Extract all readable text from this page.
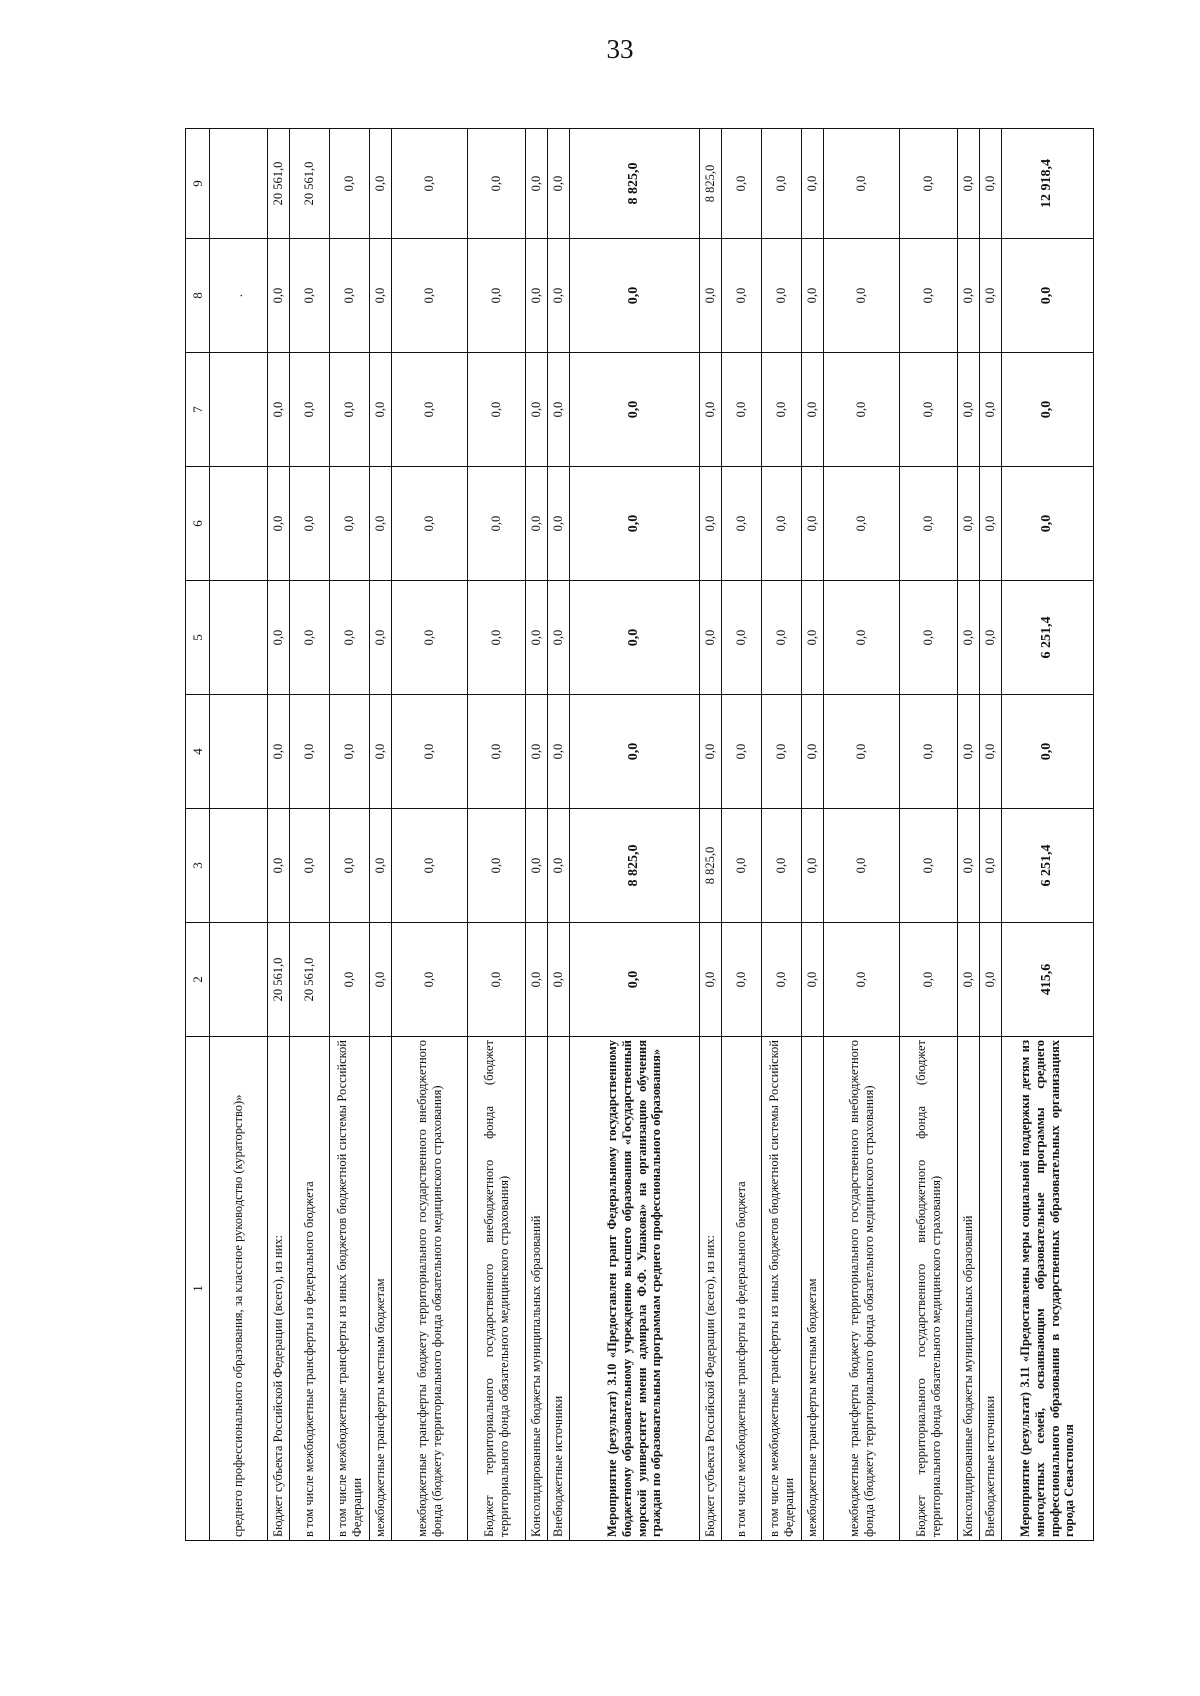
33
1	2	3	4	5	6	7	8	9	
среднего профессионального образования, за классное руководство (кураторство)»							.		
Бюджет субъекта Российской Федерации (всего), из них:	20 561,0	0,0	0,0	0,0	0,0	0,0	0,0	20 561,0	
в том числе межбюджетные трансферты из федерального бюджета	20 561,0	0,0	0,0	0,0	0,0	0,0	0,0	20 561,0	
в том числе межбюджетные трансферты из иных бюджетов бюджетной системы Российской Федерации	0,0	0,0	0,0	0,0	0,0	0,0	0,0	0,0	
межбюджетные трансферты местным бюджетам	0,0	0,0	0,0	0,0	0,0	0,0	0,0	0,0	
межбюджетные трансферты бюджету территориального государственного внебюджетного фонда (бюджету территориального фонда обязательного медицинского страхования)	0,0	0,0	0,0	0,0	0,0	0,0	0,0	0,0	
Бюджет территориального государственного внебюджетного фонда (бюджет территориального фонда обязательного медицинского страхования)	0,0	0,0	0,0	0,0	0,0	0,0	0,0	0,0	
Консолидированные бюджеты муниципальных образований	0,0	0,0	0,0	0,0	0,0	0,0	0,0	0,0	
Внебюджетные источники	0,0	0,0	0,0	0,0	0,0	0,0	0,0	0,0	
Мероприятие (результат) 3.10 «Предоставлен грант Федеральному государственному бюджетному образовательному учреждению высшего образования «Государственный морской университет имени адмирала Ф.Ф. Ушакова» на организацию обучения граждан по образовательным программам среднего профессионального образования»	0,0	8 825,0	0,0	0,0	0,0	0,0	0,0	8 825,0	
Бюджет субъекта Российской Федерации (всего), из них:	0,0	8 825,0	0,0	0,0	0,0	0,0	0,0	8 825,0	
в том числе межбюджетные трансферты из федерального бюджета	0,0	0,0	0,0	0,0	0,0	0,0	0,0	0,0	
в том числе межбюджетные трансферты из иных бюджетов бюджетной системы Российской Федерации	0,0	0,0	0,0	0,0	0,0	0,0	0,0	0,0	
межбюджетные трансферты местным бюджетам	0,0	0,0	0,0	0,0	0,0	0,0	0,0	0,0	
межбюджетные трансферты бюджету территориального государственного внебюджетного фонда (бюджету территориального фонда обязательного медицинского страхования)	0,0	0,0	0,0	0,0	0,0	0,0	0,0	0,0	
Бюджет территориального государственного внебюджетного фонда (бюджет территориального фонда обязательного медицинского страхования)	0,0	0,0	0,0	0,0	0,0	0,0	0,0	0,0	
Консолидированные бюджеты муниципальных образований	0,0	0,0	0,0	0,0	0,0	0,0	0,0	0,0	
Внебюджетные источники	0,0	0,0	0,0	0,0	0,0	0,0	0,0	0,0	
Мероприятие (результат) 3.11 «Предоставлены меры социальной поддержки детям из многодетных семей, осваивающим образовательные программы среднего профессионального образования в государственных образовательных организациях города Севастополя	415,6	6 251,4	0,0	6 251,4	0,0	0,0	0,0	12 918,4	
